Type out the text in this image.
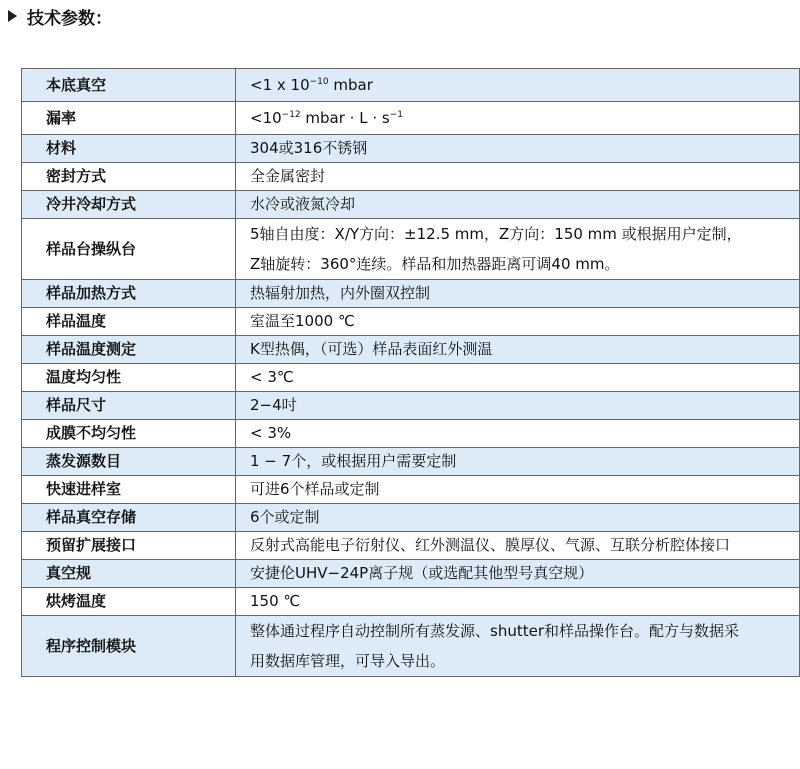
技术参数：
本底真空	<1 x $10^{-10}$ mbar
漏率	$<10^{-12}$ mbar · $L \cdot s^{-1}$
材料	304或316不锈钢
密封方式	全金属密封
冷井冷却方式	水冷或液氮冷却
样品台操纵台	5轴自由度：X/Y方向：±12.5 mm，Z方向：150 mm 或根据用户定制，
Z轴旋转：360°连续。样品和加热器距离可调40 mm。

样品加热方式	热辐射加热，内外圈双控制
样品温度	室温至1000 ℃
样品温度测定	K型热偶，（可选）样品表面红外测温
温度均匀性	< 3℃
样品尺寸	2−4吋
成膜不均匀性	< 3%
蒸发源数目	1 − 7个，或根据用户需要定制
快速进样室	可进6个样品或定制
样品真空存储	6个或定制
预留扩展接口	反射式高能电子衍射仪、红外测温仪、膜厚仪、气源、互联分析腔体接口
真空规	安捷伦UHV−24P离子规（或选配其他型号真空规）
烘烤温度	150 ℃
程序控制模块	整体通过程序自动控制所有蒸发源、shutter和样品操作台。配方与数据采
用数据库管理，可导入导出。
